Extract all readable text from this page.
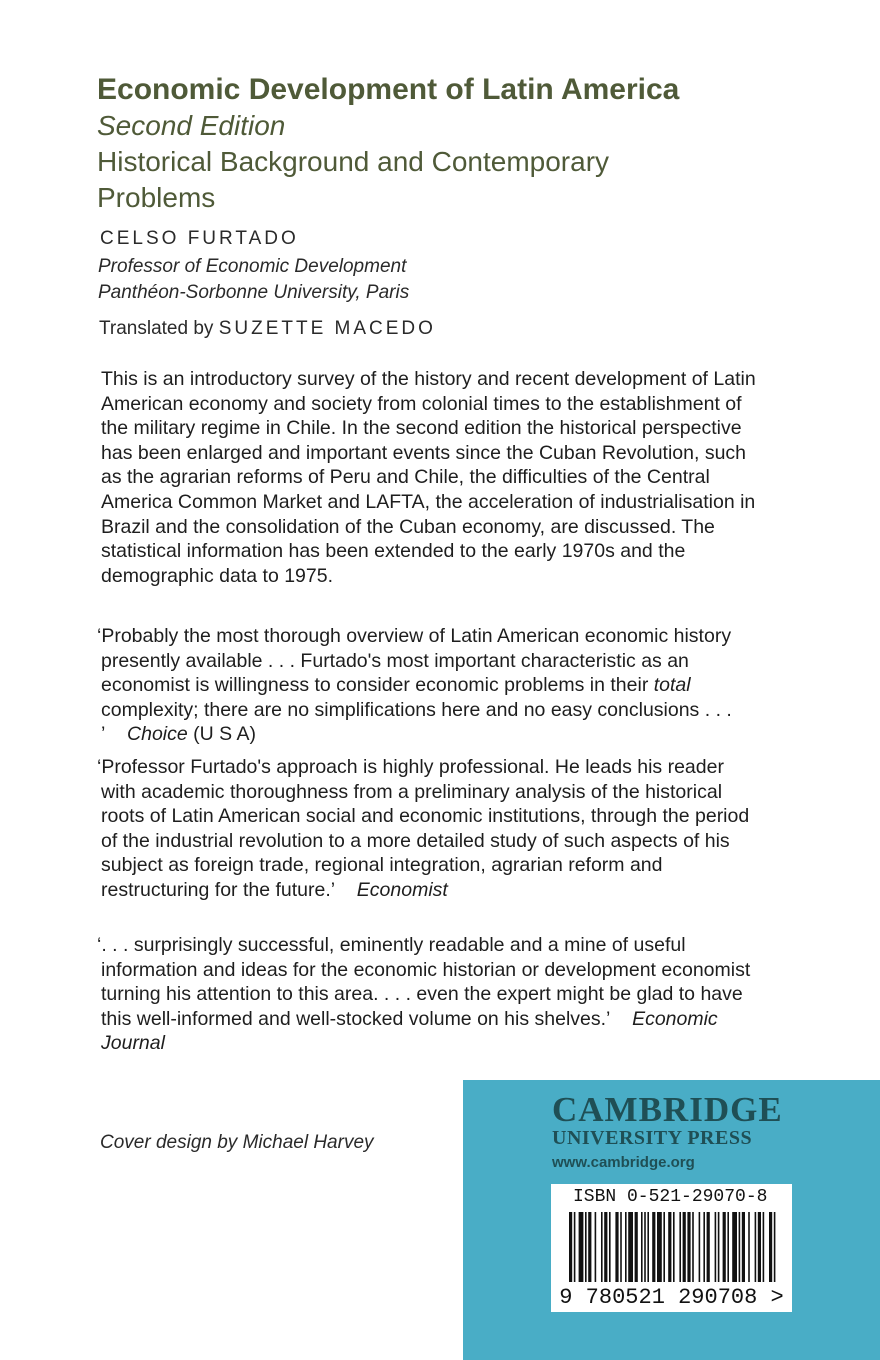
Economic Development of Latin America

Second Edition

Historical Background and Contemporary

Problems

CELSO FURTADO
Professor of Economic Development
Panthéon-Sorbonne University, Paris
Translated by SUZETTE MACEDO

This is an introductory survey of the history and recent development of Latin American economy and society from colonial times to the establishment of the military regime in Chile. In the second edition the historical perspective has been enlarged and important events since the Cuban Revolution, such as the agrarian reforms of Peru and Chile, the difficulties of the Central America Common Market and LAFTA, the acceleration of industrialisation in Brazil and the consolidation of the Cuban economy, are discussed. The statistical information has been extended to the early 1970s and the demographic data to 1975.

‘Probably the most thorough overview of Latin American economic history presently available . . . Furtado's most important characteristic as an economist is willingness to consider economic problems in their total complexity; there are no simplifications here and no easy conclusions . . . ’ Choice (U S A)

‘Professor Furtado's approach is highly professional. He leads his reader with academic thoroughness from a preliminary analysis of the historical roots of Latin American social and economic institutions, through the period of the industrial revolution to a more detailed study of such aspects of his subject as foreign trade, regional integration, agrarian reform and restructuring for the future.’ Economist

‘. . . surprisingly successful, eminently readable and a mine of useful information and ideas for the economic historian or development economist turning his attention to this area. . . . even the expert might be glad to have this well-informed and well-stocked volume on his shelves.’ Economic Journal

Cover design by Michael Harvey
CAMBRIDGE
UNIVERSITY PRESS
www.cambridge.org
ISBN 0-521-29070-8
9 780521 290708 >
